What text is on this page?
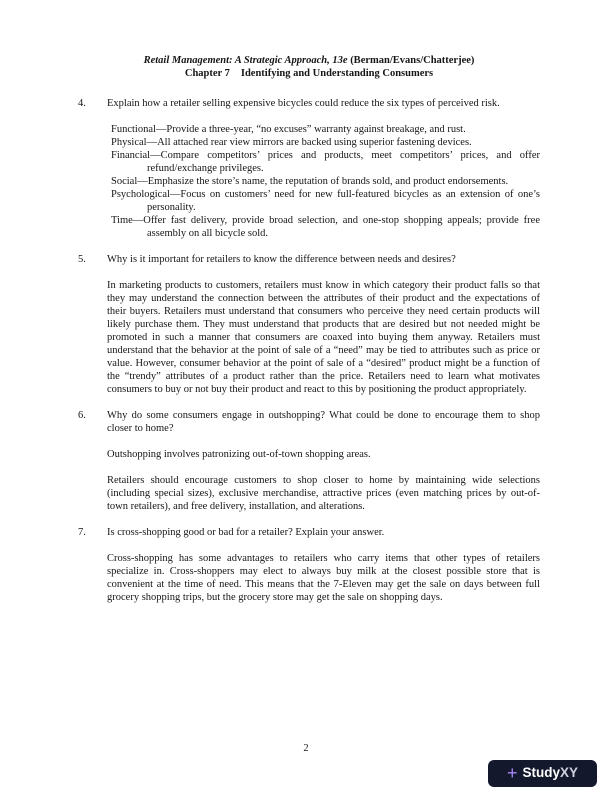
Retail Management: A Strategic Approach, 13e (Berman/Evans/Chatterjee)
Chapter 7 Identifying and Understanding Consumers
4.	Explain how a retailer selling expensive bicycles could reduce the six types of perceived risk.
Functional—Provide a three-year, “no excuses” warranty against breakage, and rust.
Physical—All attached rear view mirrors are backed using superior fastening devices.
Financial—Compare competitors’ prices and products, meet competitors’ prices, and offer refund/exchange privileges.
Social—Emphasize the store’s name, the reputation of brands sold, and product endorsements.
Psychological—Focus on customers’ need for new full-featured bicycles as an extension of one’s personality.
Time—Offer fast delivery, provide broad selection, and one-stop shopping appeals; provide free assembly on all bicycle sold.
5.	Why is it important for retailers to know the difference between needs and desires?
In marketing products to customers, retailers must know in which category their product falls so that they may understand the connection between the attributes of their product and the expectations of their buyers. Retailers must understand that consumers who perceive they need certain products will likely purchase them. They must understand that products that are desired but not needed might be promoted in such a manner that consumers are coaxed into buying them anyway. Retailers must understand that the behavior at the point of sale of a “need” may be tied to attributes such as price or value. However, consumer behavior at the point of sale of a “desired” product might be a function of the “trendy” attributes of a product rather than the price. Retailers need to learn what motivates consumers to buy or not buy their product and react to this by positioning the product appropriately.
6.	Why do some consumers engage in outshopping? What could be done to encourage them to shop closer to home?
Outshopping involves patronizing out-of-town shopping areas.
Retailers should encourage customers to shop closer to home by maintaining wide selections (including special sizes), exclusive merchandise, attractive prices (even matching prices by out-of-town retailers), and free delivery, installation, and alterations.
7.	Is cross-shopping good or bad for a retailer? Explain your answer.
Cross-shopping has some advantages to retailers who carry items that other types of retailers specialize in. Cross-shoppers may elect to always buy milk at the closest possible store that is convenient at the time of need. This means that the 7-Eleven may get the sale on days between full grocery shopping trips, but the grocery store may get the sale on shopping days.
2
+ StudyXY
